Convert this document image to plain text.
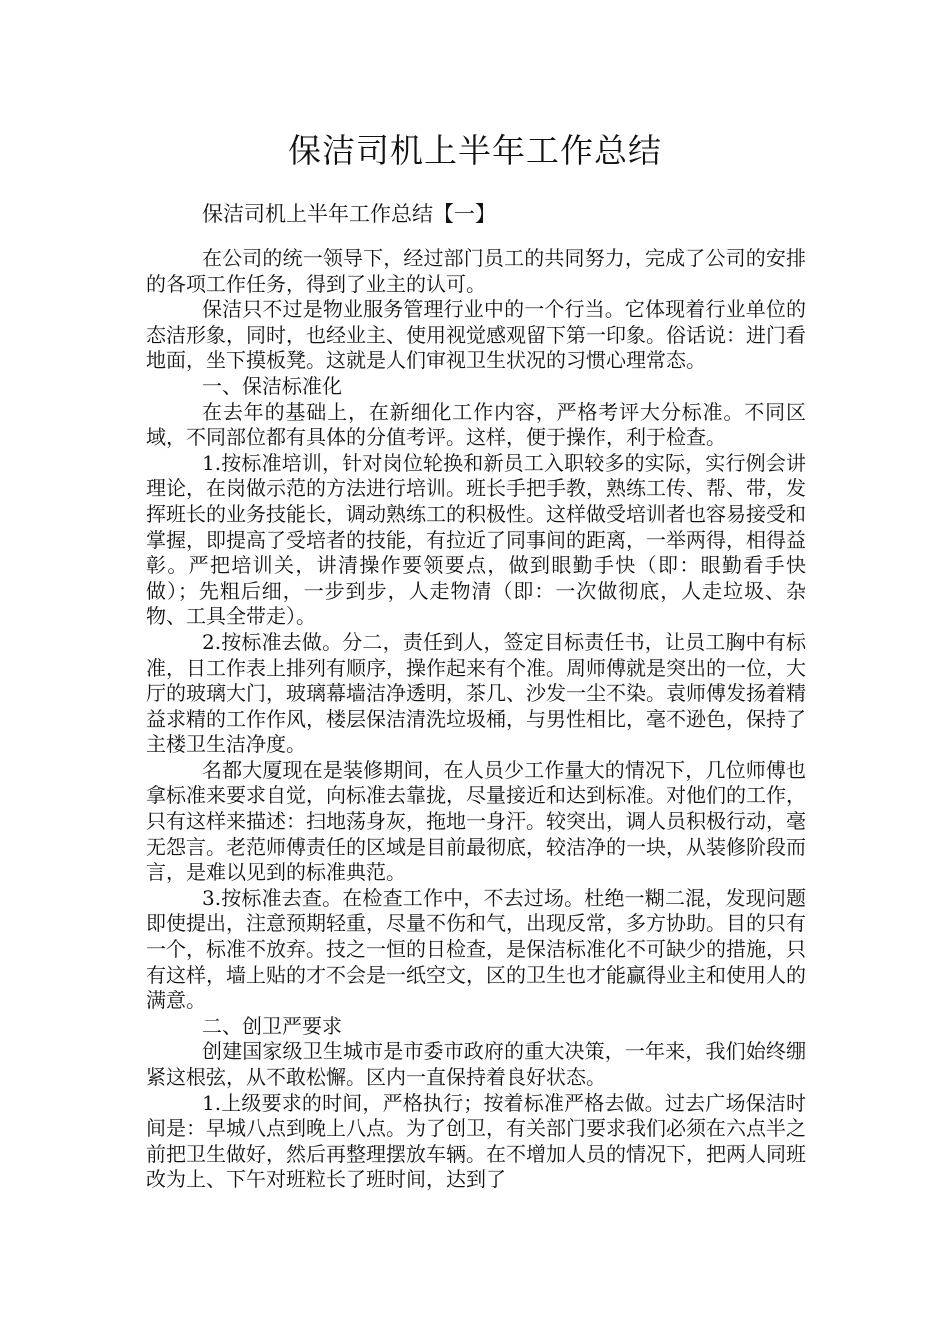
保洁司机上半年工作总结
保洁司机上半年工作总结【一】

在公司的统一领导下，经过部门员工的共同努力，完成了公司的安排的各项工作任务，得到了业主的认可。

保洁只不过是物业服务管理行业中的一个行当。它体现着行业单位的态洁形象，同时，也经业主、使用视觉感观留下第一印象。俗话说：进门看地面，坐下摸板凳。这就是人们审视卫生状况的习惯心理常态。

一、保洁标准化

在去年的基础上，在新细化工作内容，严格考评大分标准。不同区域，不同部位都有具体的分值考评。这样，便于操作，利于检查。

1.按标准培训，针对岗位轮换和新员工入职较多的实际，实行例会讲理论，在岗做示范的方法进行培训。班长手把手教，熟练工传、帮、带，发挥班长的业务技能长，调动熟练工的积极性。这样做受培训者也容易接受和掌握，即提高了受培者的技能，有拉近了同事间的距离，一举两得，相得益彰。严把培训关，讲清操作要领要点，做到眼勤手快（即：眼勤看手快做）；先粗后细，一步到步，人走物清（即：一次做彻底，人走垃圾、杂物、工具全带走）。

2.按标准去做。分二，责任到人，签定目标责任书，让员工胸中有标准，日工作表上排列有顺序，操作起来有个准。周师傅就是突出的一位，大厅的玻璃大门，玻璃幕墙洁净透明，茶几、沙发一尘不染。袁师傅发扬着精益求精的工作作风，楼层保洁清洗垃圾桶，与男性相比，毫不逊色，保持了主楼卫生洁净度。

名都大厦现在是装修期间，在人员少工作量大的情况下，几位师傅也拿标准来要求自觉，向标准去靠拢，尽量接近和达到标准。对他们的工作，只有这样来描述：扫地荡身灰，拖地一身汗。较突出，调人员积极行动，毫无怨言。老范师傅责任的区域是目前最彻底，较洁净的一块，从装修阶段而言，是难以见到的标准典范。

3.按标准去查。在检查工作中，不去过场。杜绝一糊二混，发现问题即使提出，注意预期轻重，尽量不伤和气，出现反常，多方协助。目的只有一个，标准不放弃。技之一恒的日检查，是保洁标准化不可缺少的措施，只有这样，墙上贴的才不会是一纸空文，区的卫生也才能赢得业主和使用人的满意。

二、创卫严要求

创建国家级卫生城市是市委市政府的重大决策，一年来，我们始终绷紧这根弦，从不敢松懈。区内一直保持着良好状态。

1.上级要求的时间，严格执行；按着标准严格去做。过去广场保洁时间是：早城八点到晚上八点。为了创卫，有关部门要求我们必须在六点半之前把卫生做好，然后再整理摆放车辆。在不增加人员的情况下，把两人同班改为上、下午对班粒长了班时间，达到了
